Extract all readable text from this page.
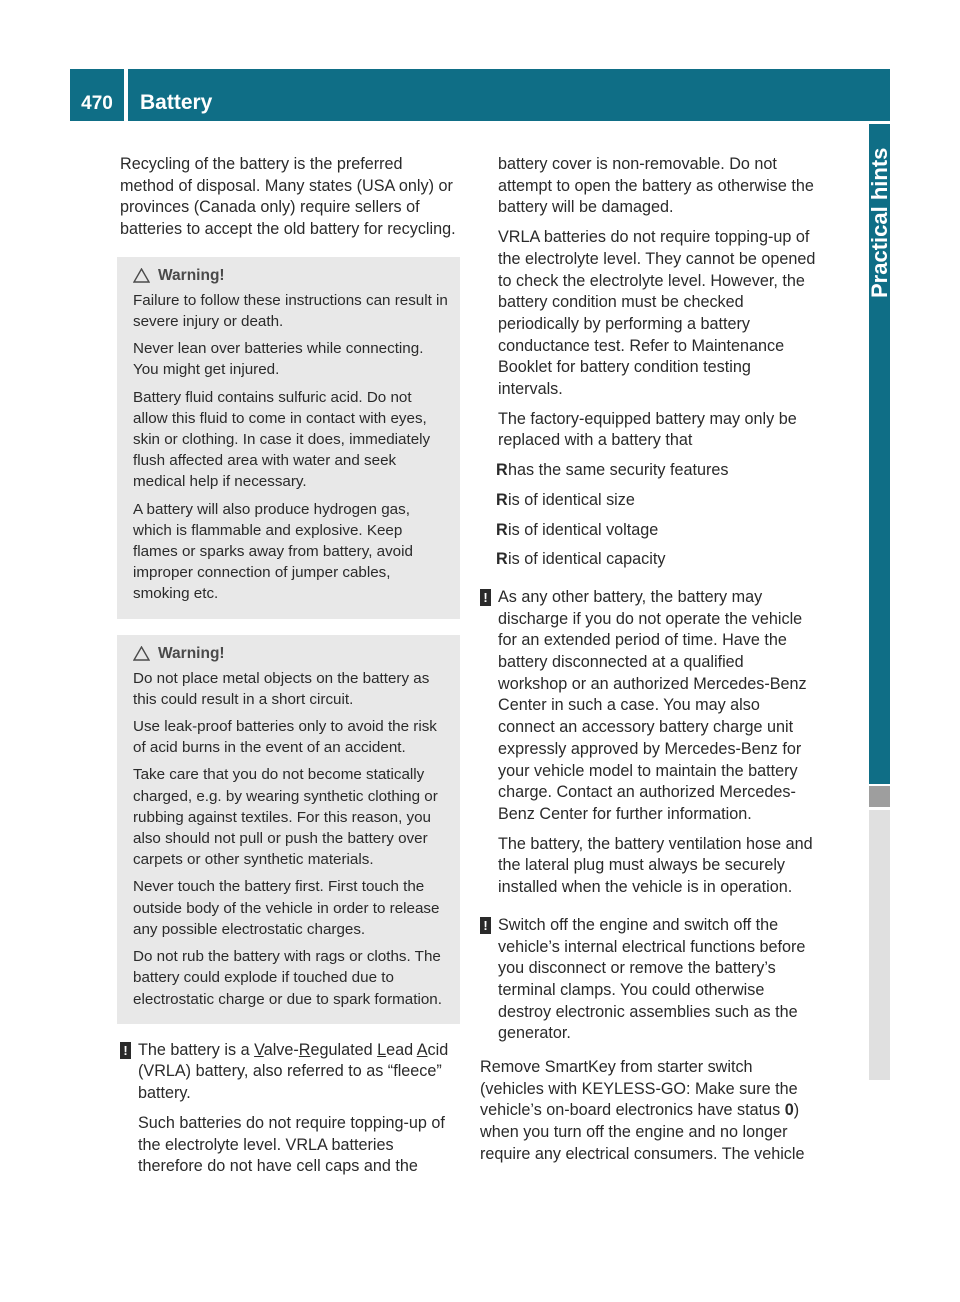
470	Battery
Practical hints

Recycling of the battery is the preferred method of disposal. Many states (USA only) or provinces (Canada only) require sellers of batteries to accept the old battery for recycling.

Warning!

Failure to follow these instructions can result in severe injury or death.

Never lean over batteries while connecting. You might get injured.

Battery fluid contains sulfuric acid. Do not allow this fluid to come in contact with eyes, skin or clothing. In case it does, immediately flush affected area with water and seek medical help if necessary.

A battery will also produce hydrogen gas, which is flammable and explosive. Keep flames or sparks away from battery, avoid improper connection of jumper cables, smoking etc.

Warning!

Do not place metal objects on the battery as this could result in a short circuit.

Use leak-proof batteries only to avoid the risk of acid burns in the event of an accident.

Take care that you do not become statically charged, e.g. by wearing synthetic clothing or rubbing against textiles. For this reason, you also should not pull or push the battery over carpets or other synthetic materials.

Never touch the battery first. First touch the outside body of the vehicle in order to release any possible electrostatic charges.

Do not rub the battery with rags or cloths. The battery could explode if touched due to electrostatic charge or due to spark formation.

! The battery is a Valve-Regulated Lead Acid (VRLA) battery, also referred to as “fleece” battery.

Such batteries do not require topping-up of the electrolyte level. VRLA batteries therefore do not have cell caps and the

battery cover is non-removable. Do not attempt to open the battery as otherwise the battery will be damaged.

VRLA batteries do not require topping-up of the electrolyte level. They cannot be opened to check the electrolyte level. However, the battery condition must be checked periodically by performing a battery conductance test. Refer to Maintenance Booklet for battery condition testing intervals.

The factory-equipped battery may only be replaced with a battery that

R has the same security features

R is of identical size

R is of identical voltage

R is of identical capacity

! As any other battery, the battery may discharge if you do not operate the vehicle for an extended period of time. Have the battery disconnected at a qualified workshop or an authorized Mercedes-Benz Center in such a case. You may also connect an accessory battery charge unit expressly approved by Mercedes-Benz for your vehicle model to maintain the battery charge. Contact an authorized Mercedes-Benz Center for further information.

The battery, the battery ventilation hose and the lateral plug must always be securely installed when the vehicle is in operation.

! Switch off the engine and switch off the vehicle’s internal electrical functions before you disconnect or remove the battery’s terminal clamps. You could otherwise destroy electronic assemblies such as the generator.

Remove SmartKey from starter switch (vehicles with KEYLESS-GO: Make sure the vehicle’s on-board electronics have status 0) when you turn off the engine and no longer require any electrical consumers. The vehicle
